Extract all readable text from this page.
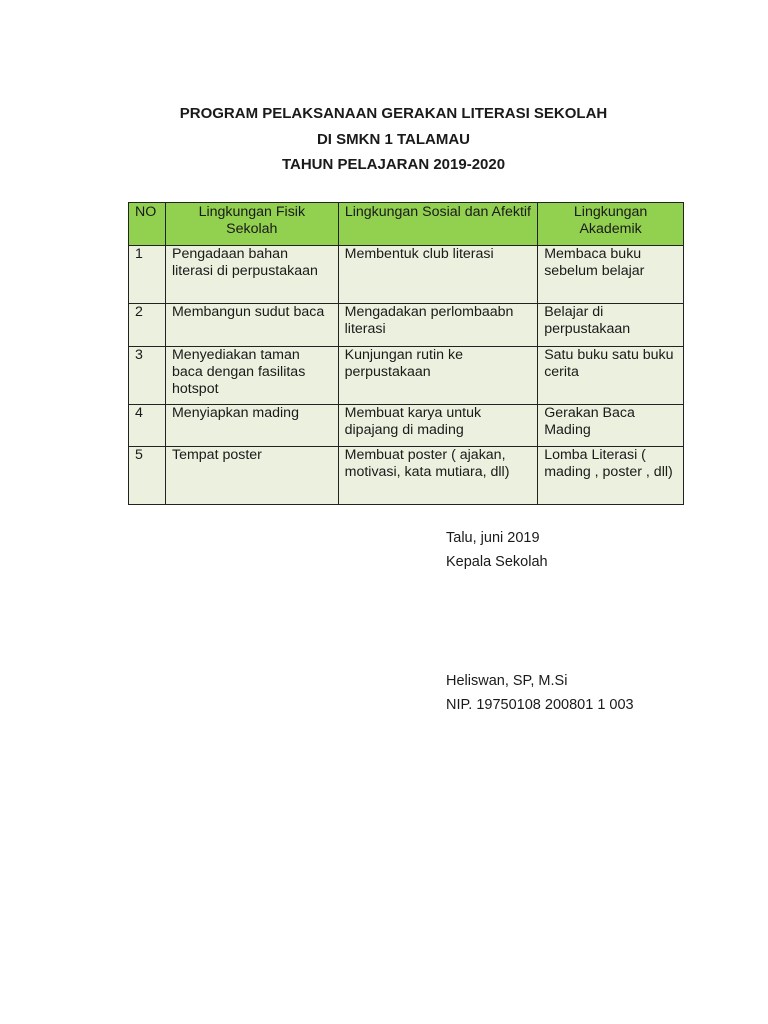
PROGRAM PELAKSANAAN GERAKAN LITERASI SEKOLAH
DI SMKN 1 TALAMAU
TAHUN PELAJARAN 2019-2020
NO	Lingkungan Fisik Sekolah	Lingkungan Sosial dan Afektif	Lingkungan Akademik
1	Pengadaan bahan literasi di perpustakaan	Membentuk club literasi	Membaca buku sebelum belajar
2	Membangun sudut baca	Mengadakan perlombaabn literasi	Belajar di perpustakaan
3	Menyediakan taman baca dengan fasilitas hotspot	Kunjungan rutin ke perpustakaan	Satu buku satu buku cerita
4	Menyiapkan mading	Membuat karya untuk dipajang di mading	Gerakan Baca Mading
5	Tempat poster	Membuat poster ( ajakan, motivasi, kata mutiara, dll)	Lomba Literasi ( mading , poster , dll)
Talu, juni 2019
Kepala Sekolah
Heliswan, SP, M.Si
NIP. 19750108 200801 1 003
